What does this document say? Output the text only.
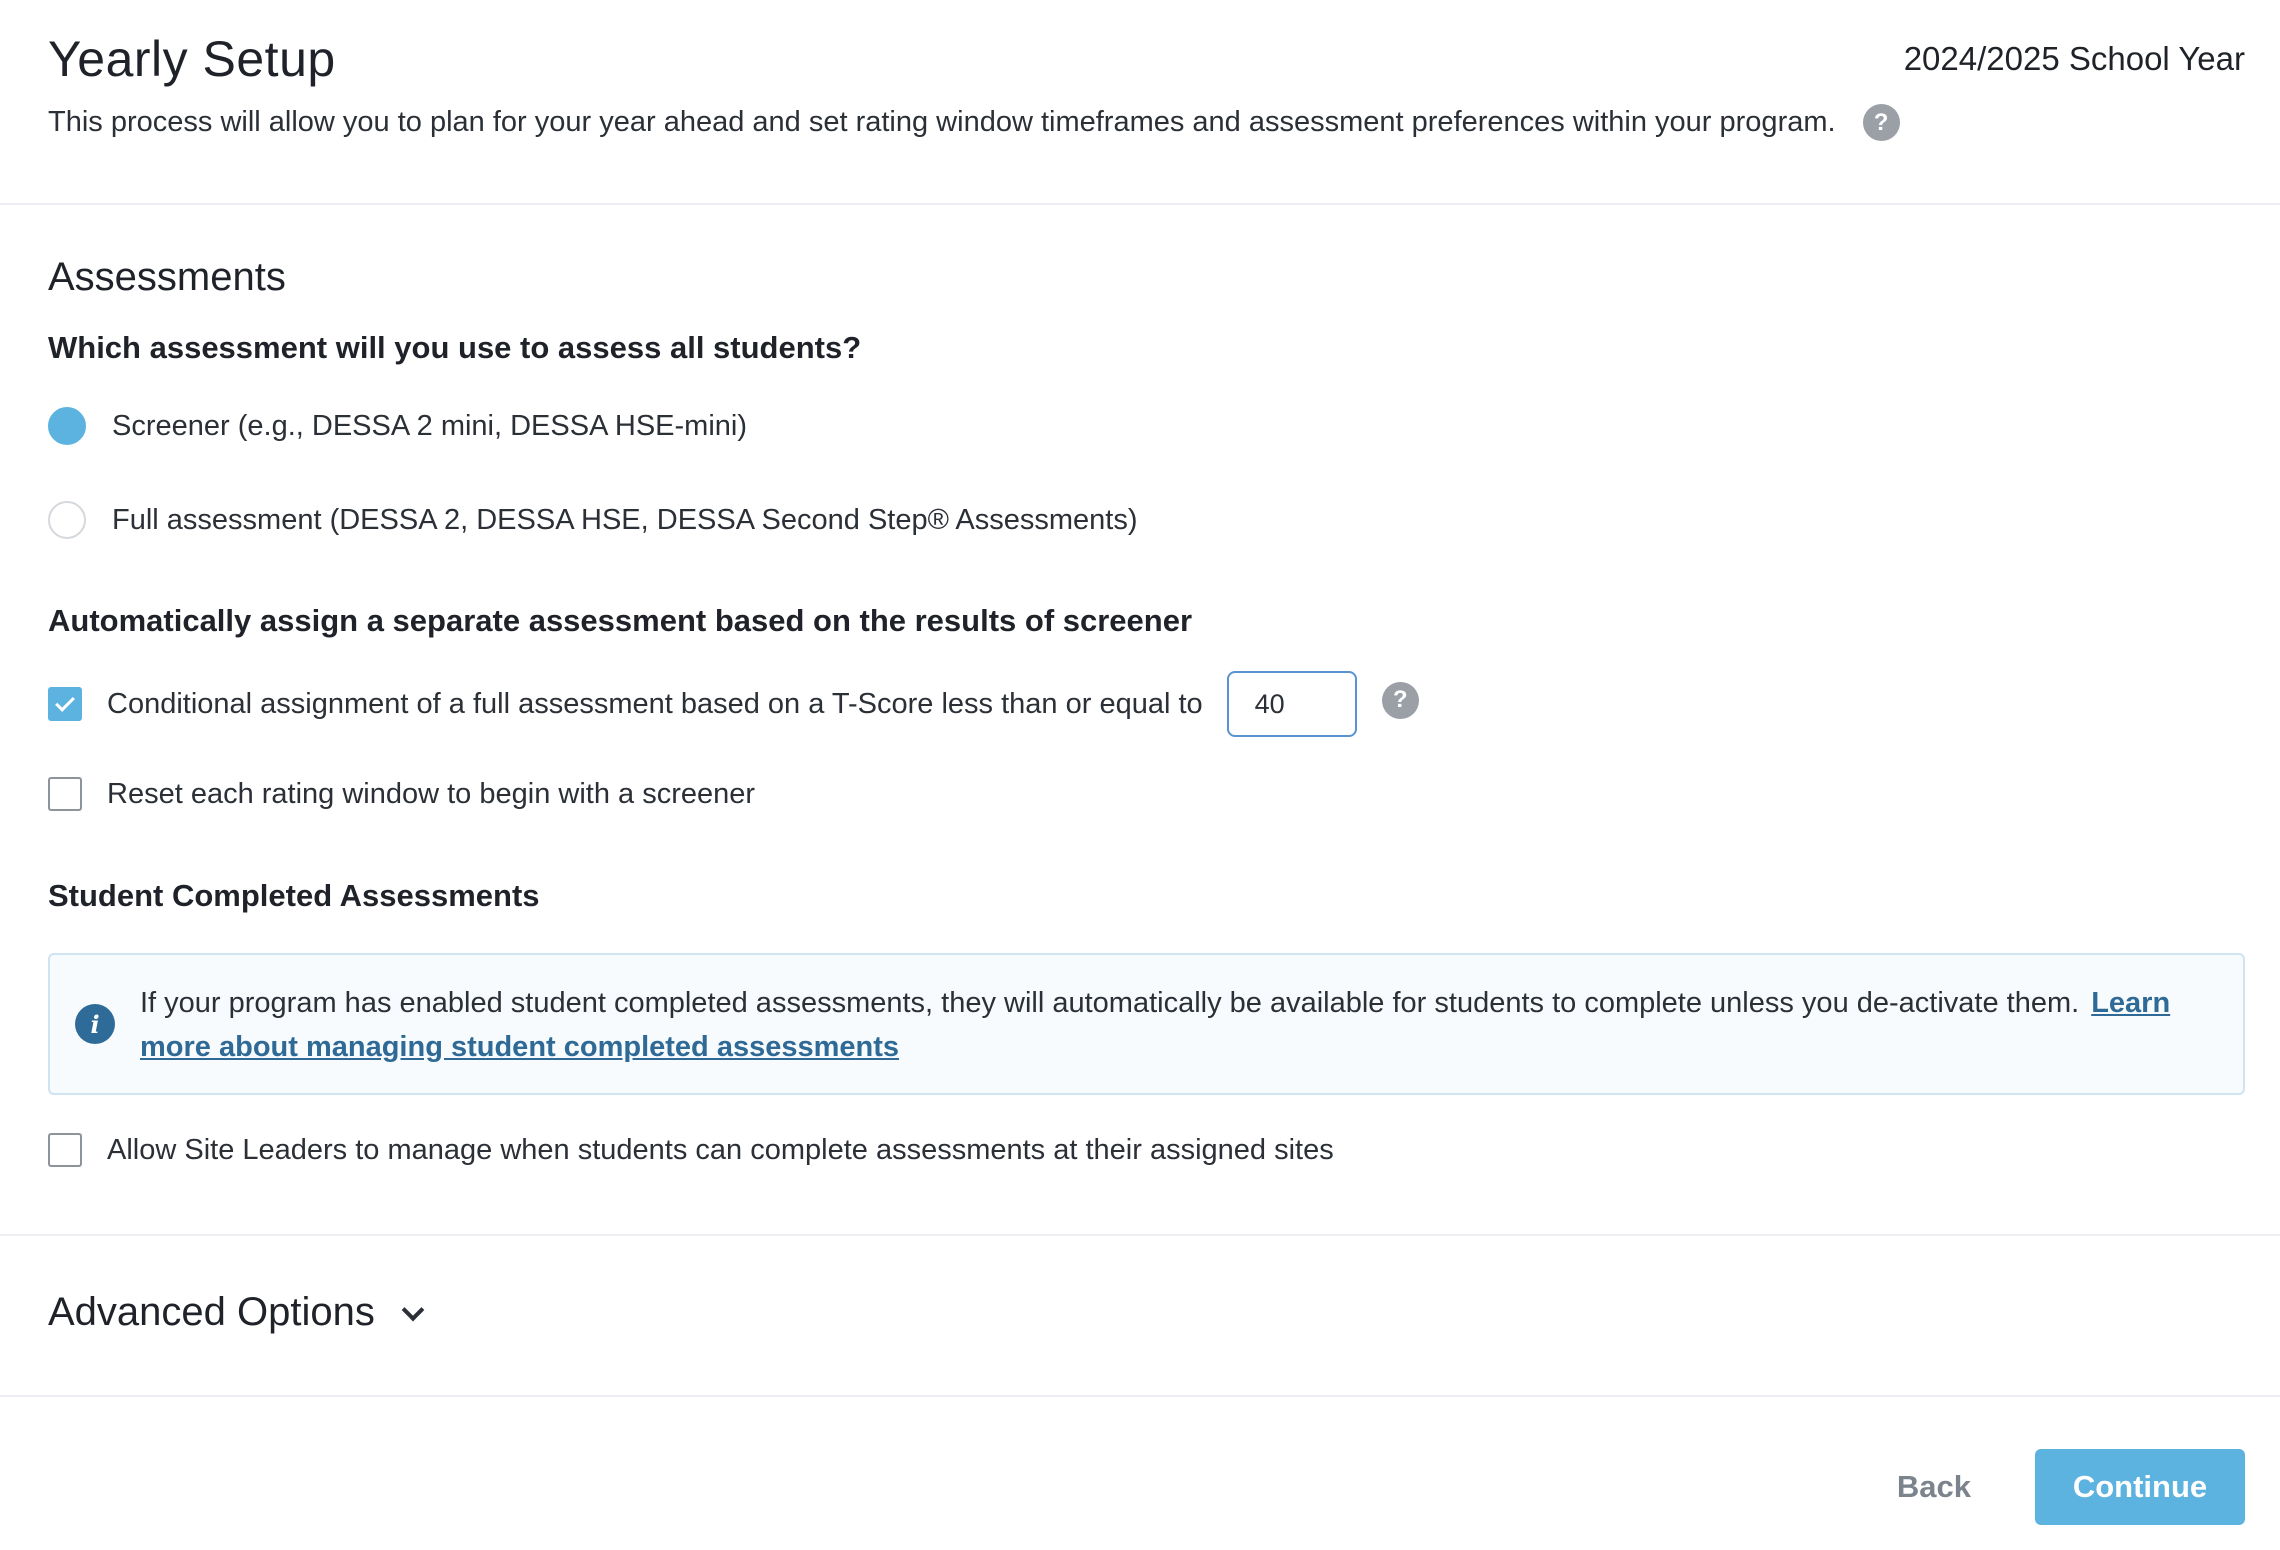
Yearly Setup	2024/2025 School Year
This process will allow you to plan for your year ahead and set rating window timeframes and assessment preferences within your program.	?
Assessments
Which assessment will you use to assess all students?
Screener (e.g., DESSA 2 mini, DESSA HSE-mini)
Full assessment (DESSA 2, DESSA HSE, DESSA Second Step® Assessments)
Automatically assign a separate assessment based on the results of screener
Conditional assignment of a full assessment based on a T-Score less than or equal to
40	?
Reset each rating window to begin with a screener
Student Completed Assessments
i
If your program has enabled student completed assessments, they will automatically be available for students to complete unless you de-activate them. Learn more about managing student completed assessments
Allow Site Leaders to manage when students can complete assessments at their assigned sites
Advanced Options
Back	Continue
